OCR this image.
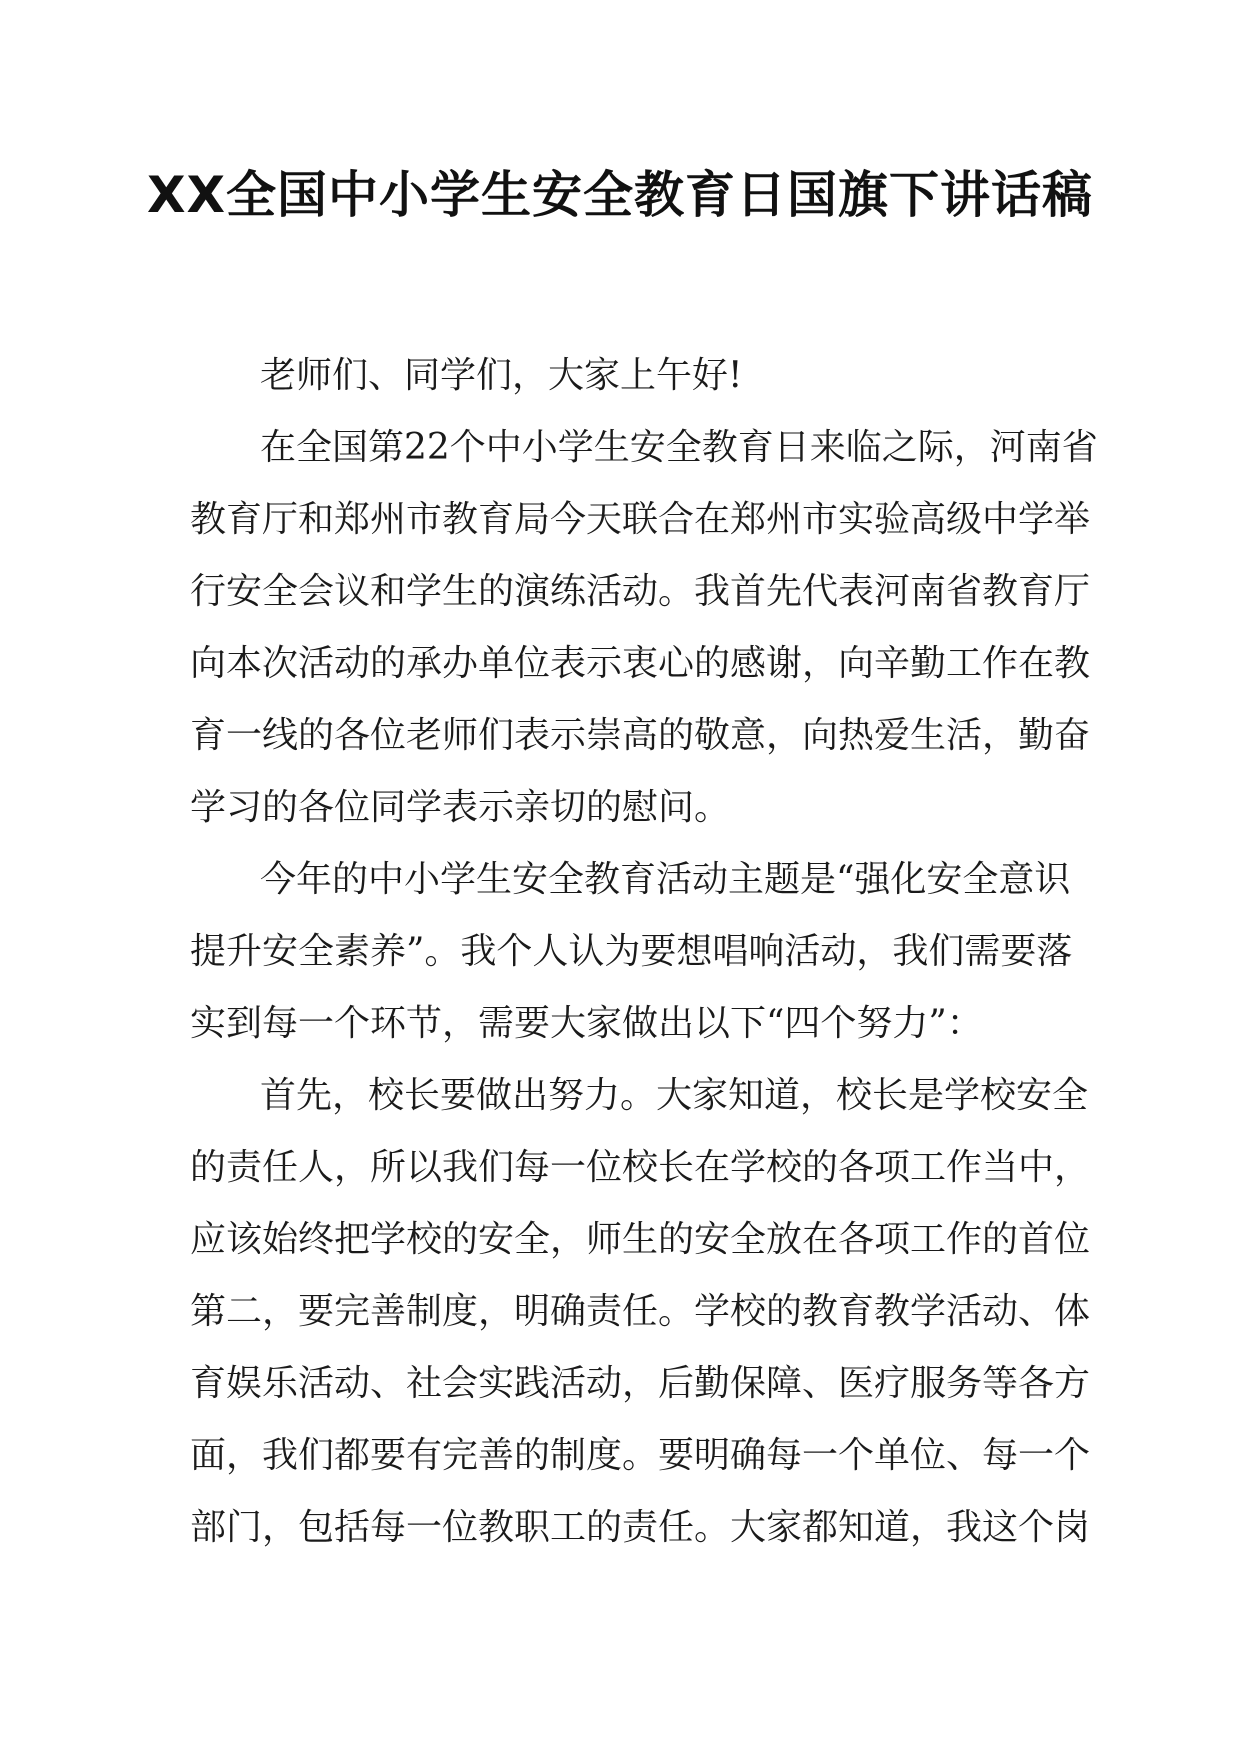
XX全国中小学生安全教育日国旗下讲话稿
老师们、同学们，大家上午好!
在全国第22个中小学生安全教育日来临之际，河南省
教育厅和郑州市教育局今天联合在郑州市实验高级中学举
行安全会议和学生的演练活动。我首先代表河南省教育厅
向本次活动的承办单位表示衷心的感谢，向辛勤工作在教
育一线的各位老师们表示崇高的敬意，向热爱生活，勤奋
学习的各位同学表示亲切的慰问。
今年的中小学生安全教育活动主题是“强化安全意识
提升安全素养”。我个人认为要想唱响活动，我们需要落
实到每一个环节，需要大家做出以下“四个努力”：
首先，校长要做出努力。大家知道，校长是学校安全
的责任人，所以我们每一位校长在学校的各项工作当中，
应该始终把学校的安全，师生的安全放在各项工作的首位
第二，要完善制度，明确责任。学校的教育教学活动、体
育娱乐活动、社会实践活动，后勤保障、医疗服务等各方
面，我们都要有完善的制度。要明确每一个单位、每一个
部门，包括每一位教职工的责任。大家都知道，我这个岗
